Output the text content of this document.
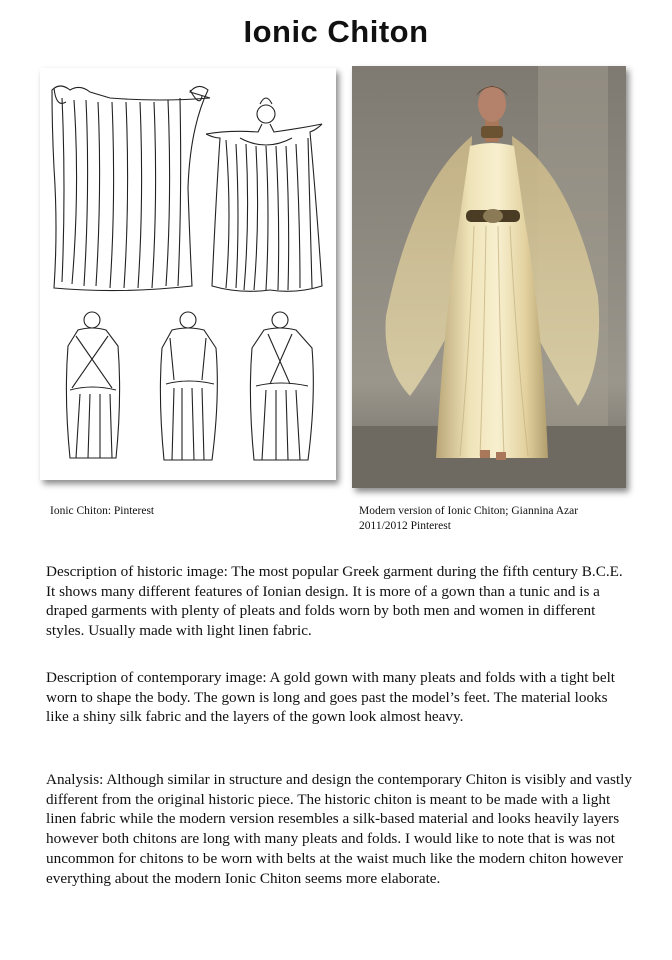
Ionic Chiton
Ionic Chiton: Pinterest	Modern version of Ionic Chiton; Giannina Azar
2011/2012 Pinterest

Description of historic image: The most popular Greek garment during the fifth century B.C.E. It shows many different features of Ionian design. It is more of a gown than a tunic and is a draped garments with plenty of pleats and folds worn by both men and women in different styles. Usually made with light linen fabric.

Description of contemporary image: A gold gown with many pleats and folds with a tight belt worn to shape the body. The gown is long and goes past the model’s feet. The material looks like a shiny silk fabric and the layers of the gown look almost heavy.

Analysis: Although similar in structure and design the contemporary Chiton is visibly and vastly different from the original historic piece. The historic chiton is meant to be made with a light linen fabric while the modern version resembles a silk-based material and looks heavily layers however both chitons are long with many pleats and folds. I would like to note that is was not uncommon for chitons to be worn with belts at the waist much like the modern chiton however everything about the modern Ionic Chiton seems more elaborate.
